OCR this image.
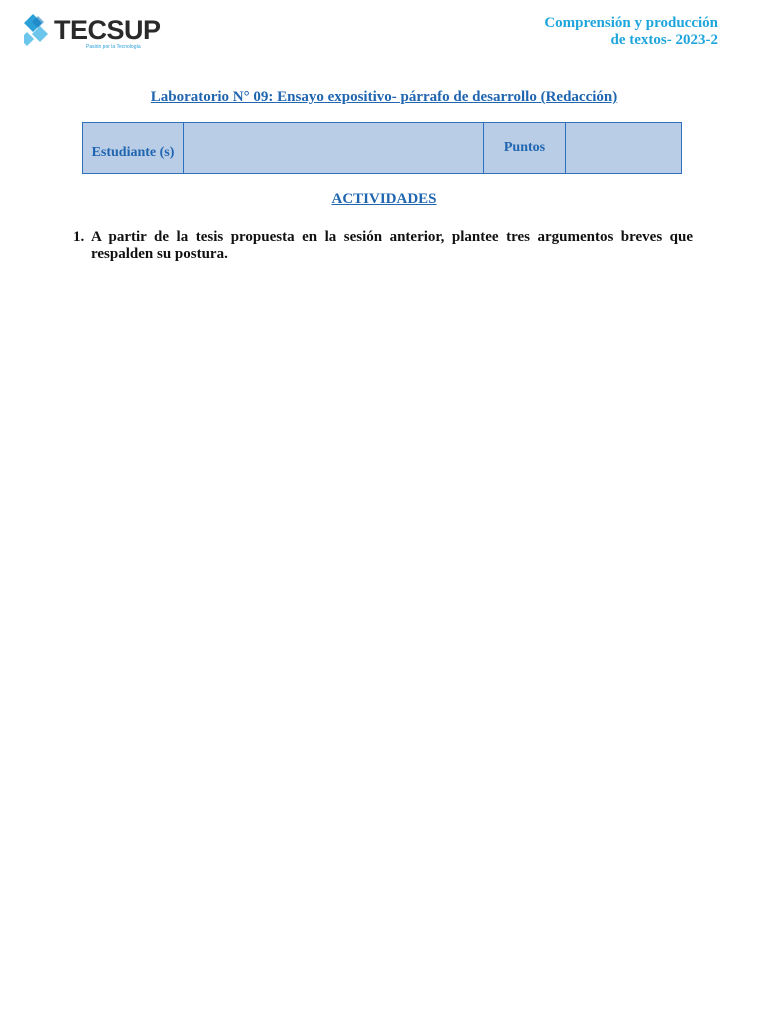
TECSUP
Pasión por la Tecnología
Comprensión y producción
de textos- 2023-2
Laboratorio N° 09: Ensayo expositivo- párrafo de desarrollo (Redacción)
Estudiante (s)		Puntos	
ACTIVIDADES
1. A partir de la tesis propuesta en la sesión anterior, plantee tres argumentos breves que respalden su postura.
